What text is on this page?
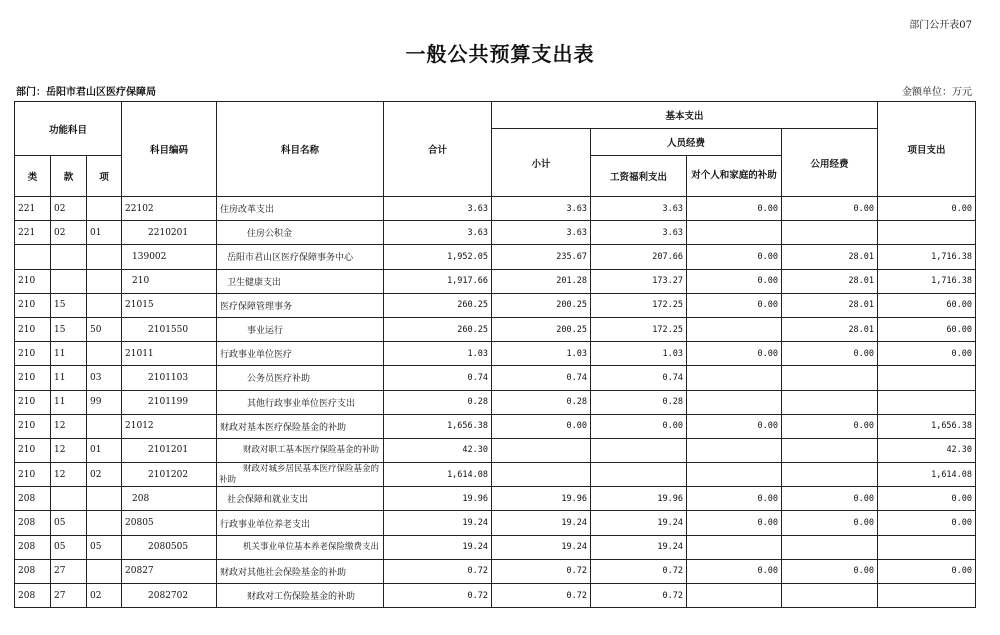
部门公开表07
一般公共预算支出表
部门：岳阳市君山区医疗保障局	金额单位：万元
功能科目			科目编码	科目名称	合计	基本支出				项目支出
						小计	人员经费		公用经费	
类	款	项					工资福利支出	对个人和家庭的补助		
221	02		22102	住房改革支出	3.63	3.63	3.63	0.00	0.00	0.00
221	02	01	2210201	住房公积金	3.63	3.63	3.63			
			139002	岳阳市君山区医疗保障事务中心	1,952.05	235.67	207.66	0.00	28.01	1,716.38
210			210	卫生健康支出	1,917.66	201.28	173.27	0.00	28.01	1,716.38
210	15		21015	医疗保障管理事务	260.25	200.25	172.25	0.00	28.01	60.00
210	15	50	2101550	事业运行	260.25	200.25	172.25		28.01	60.00
210	11		21011	行政事业单位医疗	1.03	1.03	1.03	0.00	0.00	0.00
210	11	03	2101103	公务员医疗补助	0.74	0.74	0.74			
210	11	99	2101199	其他行政事业单位医疗支出	0.28	0.28	0.28			
210	12		21012	财政对基本医疗保险基金的补助	1,656.38	0.00	0.00	0.00	0.00	1,656.38
210	12	01	2101201	财政对职工基本医疗保险基金的补助	42.30					42.30
210	12	02	2101202	财政对城乡居民基本医疗保险基金的补助	1,614.08					1,614.08
208			208	社会保障和就业支出	19.96	19.96	19.96	0.00	0.00	0.00
208	05		20805	行政事业单位养老支出	19.24	19.24	19.24	0.00	0.00	0.00
208	05	05	2080505	机关事业单位基本养老保险缴费支出	19.24	19.24	19.24			
208	27		20827	财政对其他社会保险基金的补助	0.72	0.72	0.72	0.00	0.00	0.00
208	27	02	2082702	财政对工伤保险基金的补助	0.72	0.72	0.72			
